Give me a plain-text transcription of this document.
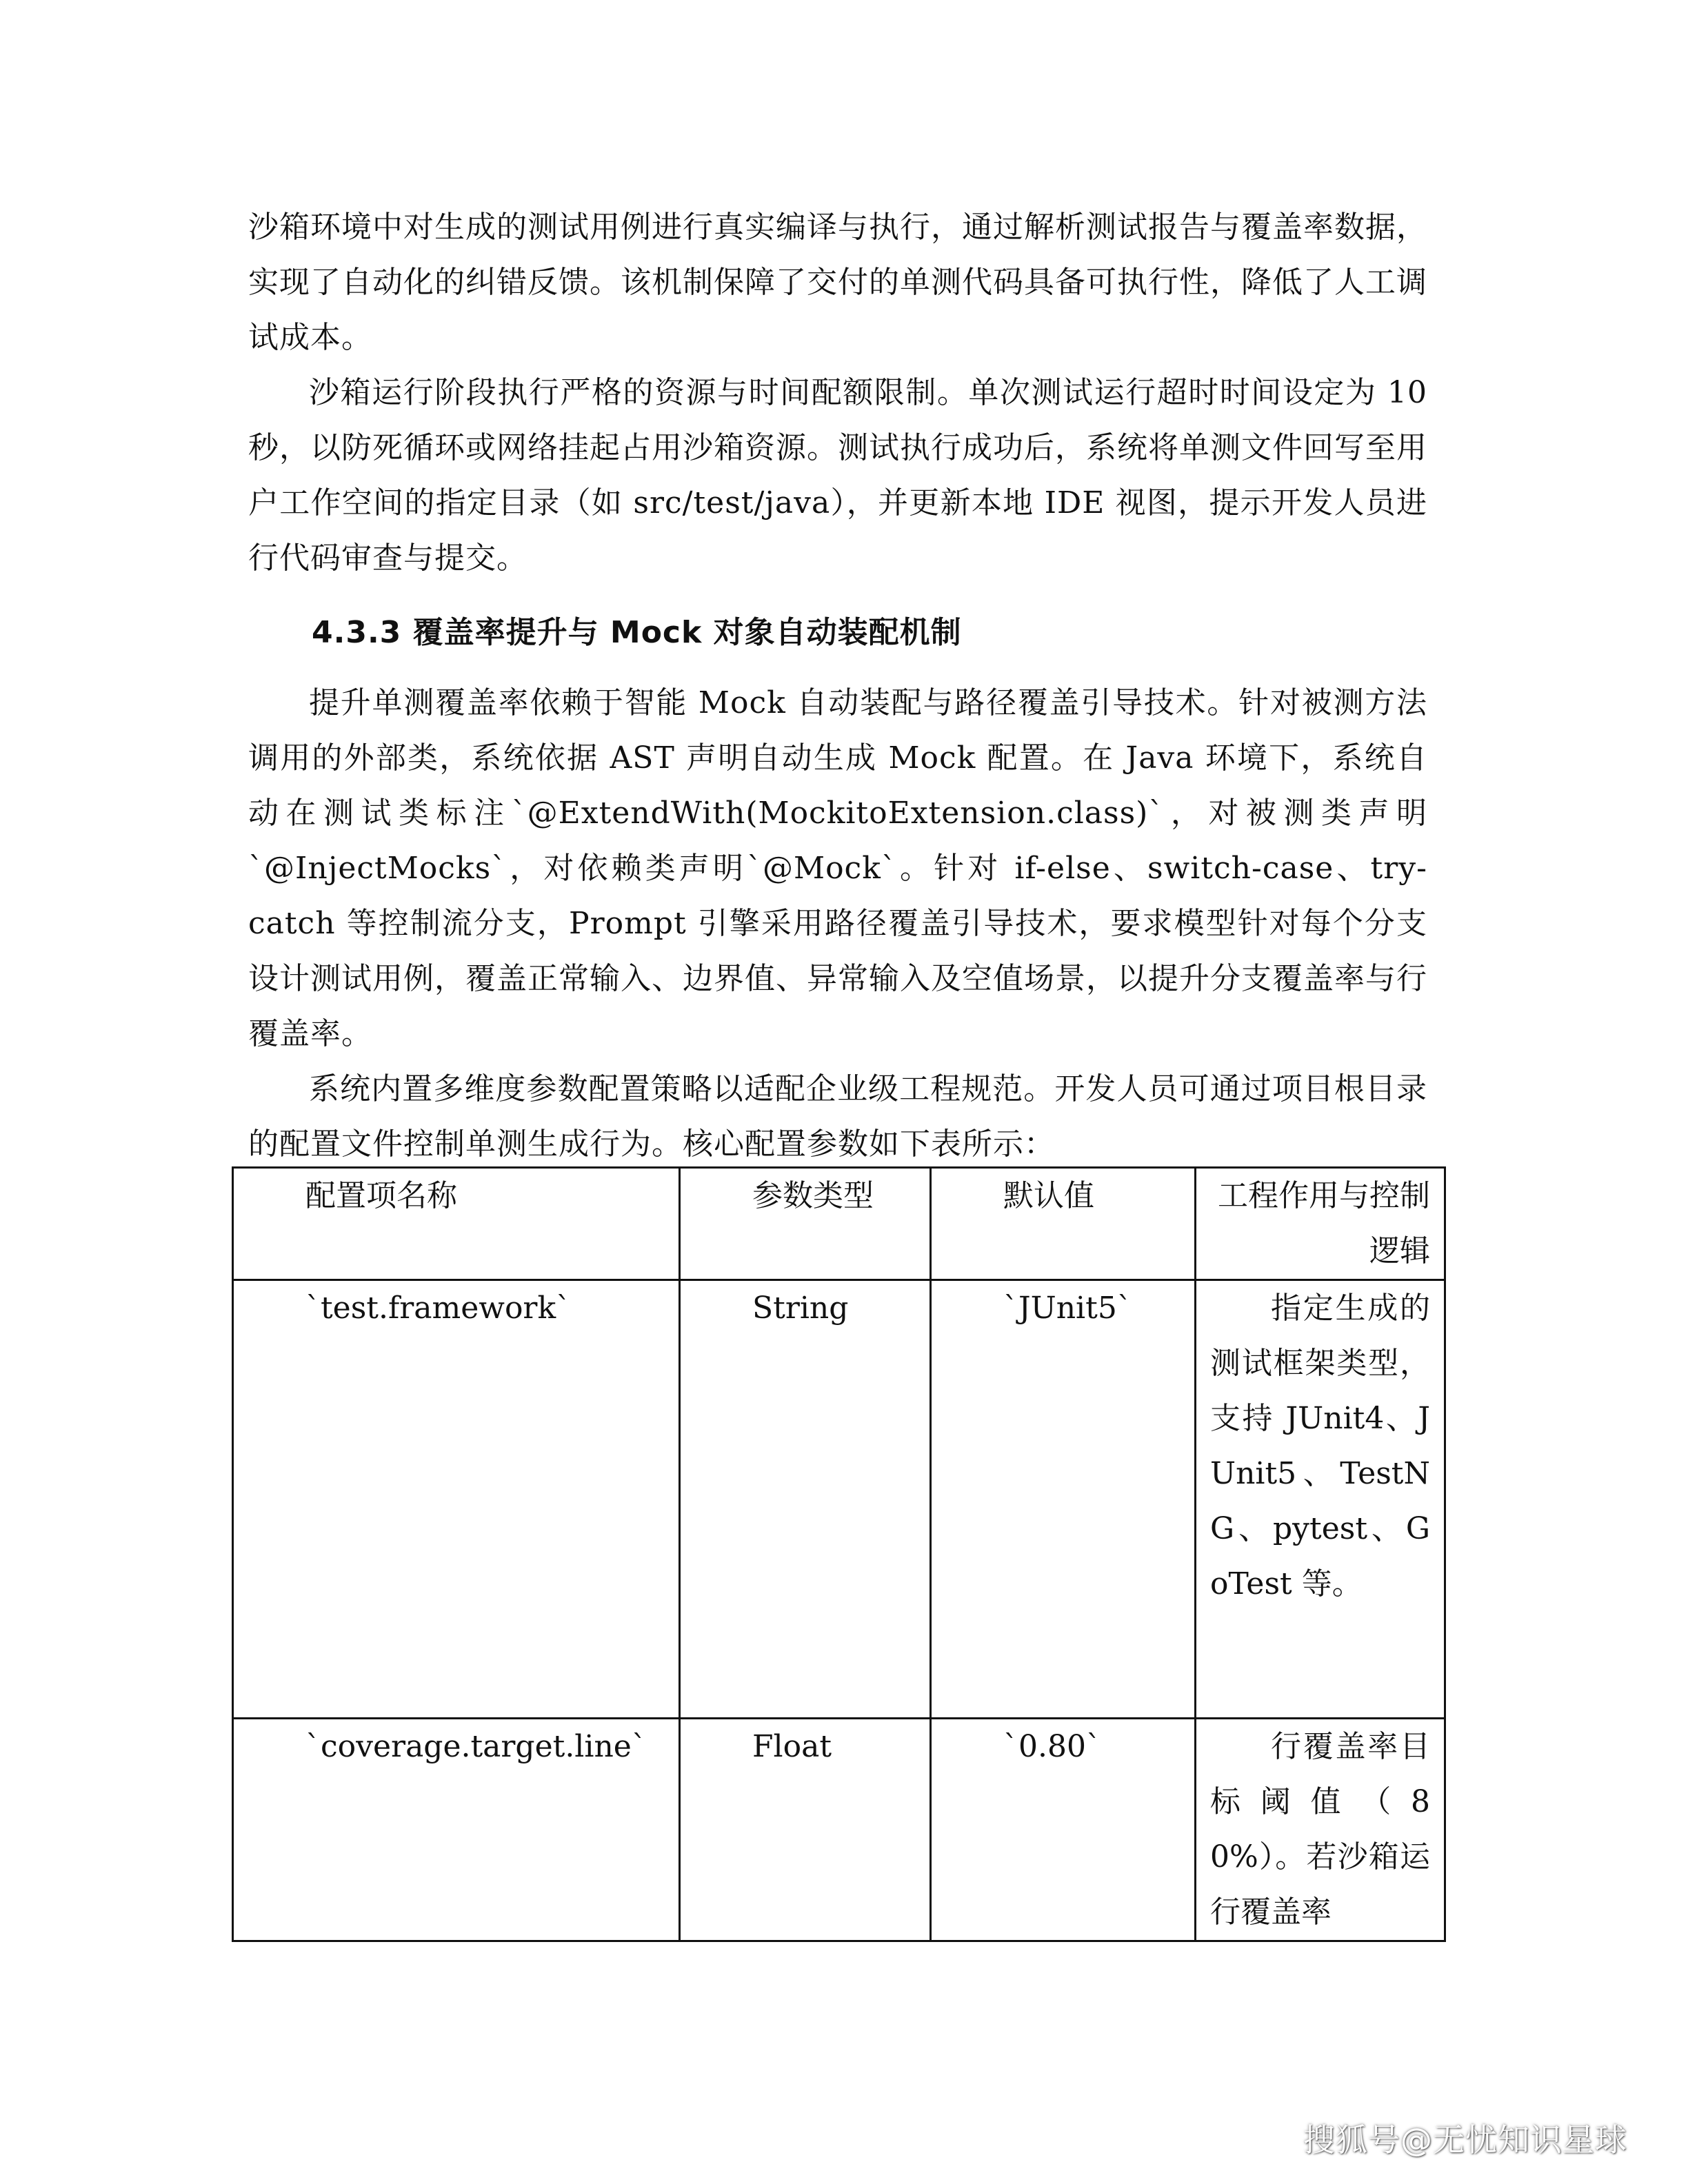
沙箱环境中对生成的测试用例进行真实编译与执行，通过解析测试报告与覆盖率数据，实现了自动化的纠错反馈。该机制保障了交付的单测代码具备可执行性，降低了人工调试成本。

沙箱运行阶段执行严格的资源与时间配额限制。单次测试运行超时时间设定为 10 秒，以防死循环或网络挂起占用沙箱资源。测试执行成功后，系统将单测文件回写至用户工作空间的指定目录（如 src/test/java），并更新本地 IDE 视图，提示开发人员进行代码审查与提交。

4.3.3 覆盖率提升与 Mock 对象自动装配机制

提升单测覆盖率依赖于智能 Mock 自动装配与路径覆盖引导技术。针对被测方法调用的外部类，系统依据 AST 声明自动生成 Mock 配置。在 Java 环境下，系统自动在测试类标注`@ExtendWith(MockitoExtension.class)`，对被测类声明`@InjectMocks`，对依赖类声明`@Mock`。针对 if-else、switch-case、try-catch 等控制流分支，Prompt 引擎采用路径覆盖引导技术，要求模型针对每个分支设计测试用例，覆盖正常输入、边界值、异常输入及空值场景，以提升分支覆盖率与行覆盖率。

系统内置多维度参数配置策略以适配企业级工程规范。开发人员可通过项目根目录的配置文件控制单测生成行为。核心配置参数如下表所示：

配置项名称	参数类型	默认值	工程作用与控制逻辑
`test.framework`	String	`JUnit5`	指定生成的测试框架类型，支持 JUnit4、JUnit5、TestNG、pytest、GoTest 等。

`coverage.target.line`	Float	`0.80`	行覆盖率目标阈值（80%）。若沙箱运行覆盖率
搜狐号@无忧知识星球
